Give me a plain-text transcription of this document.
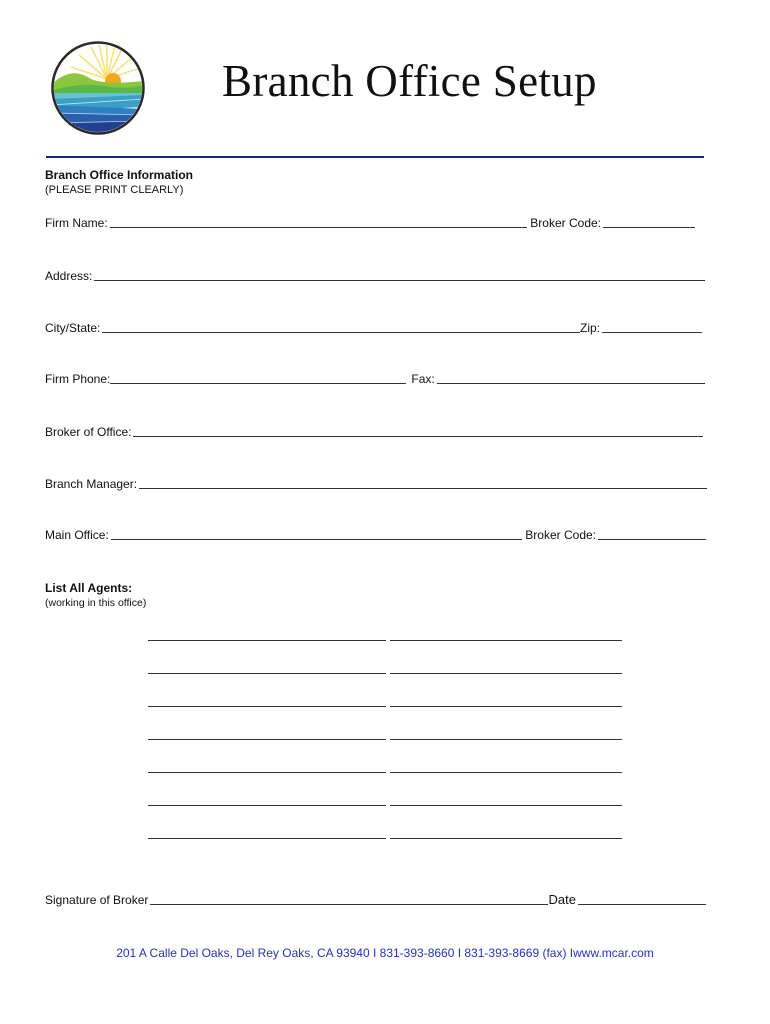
Branch Office Setup
Branch Office Information
(PLEASE PRINT CLEARLY)
Firm Name:	Broker Code:
Address:
City/State:	Zip:
Firm Phone:	Fax:
Broker of Office:
Branch Manager:
Main Office:	Broker Code:
List All Agents:
(working in this office)
Signature of Broker	Date
201 A Calle Del Oaks, Del Rey Oaks, CA 93940 I 831-393-8660 I 831-393-8669 (fax) Iwww.mcar.com
